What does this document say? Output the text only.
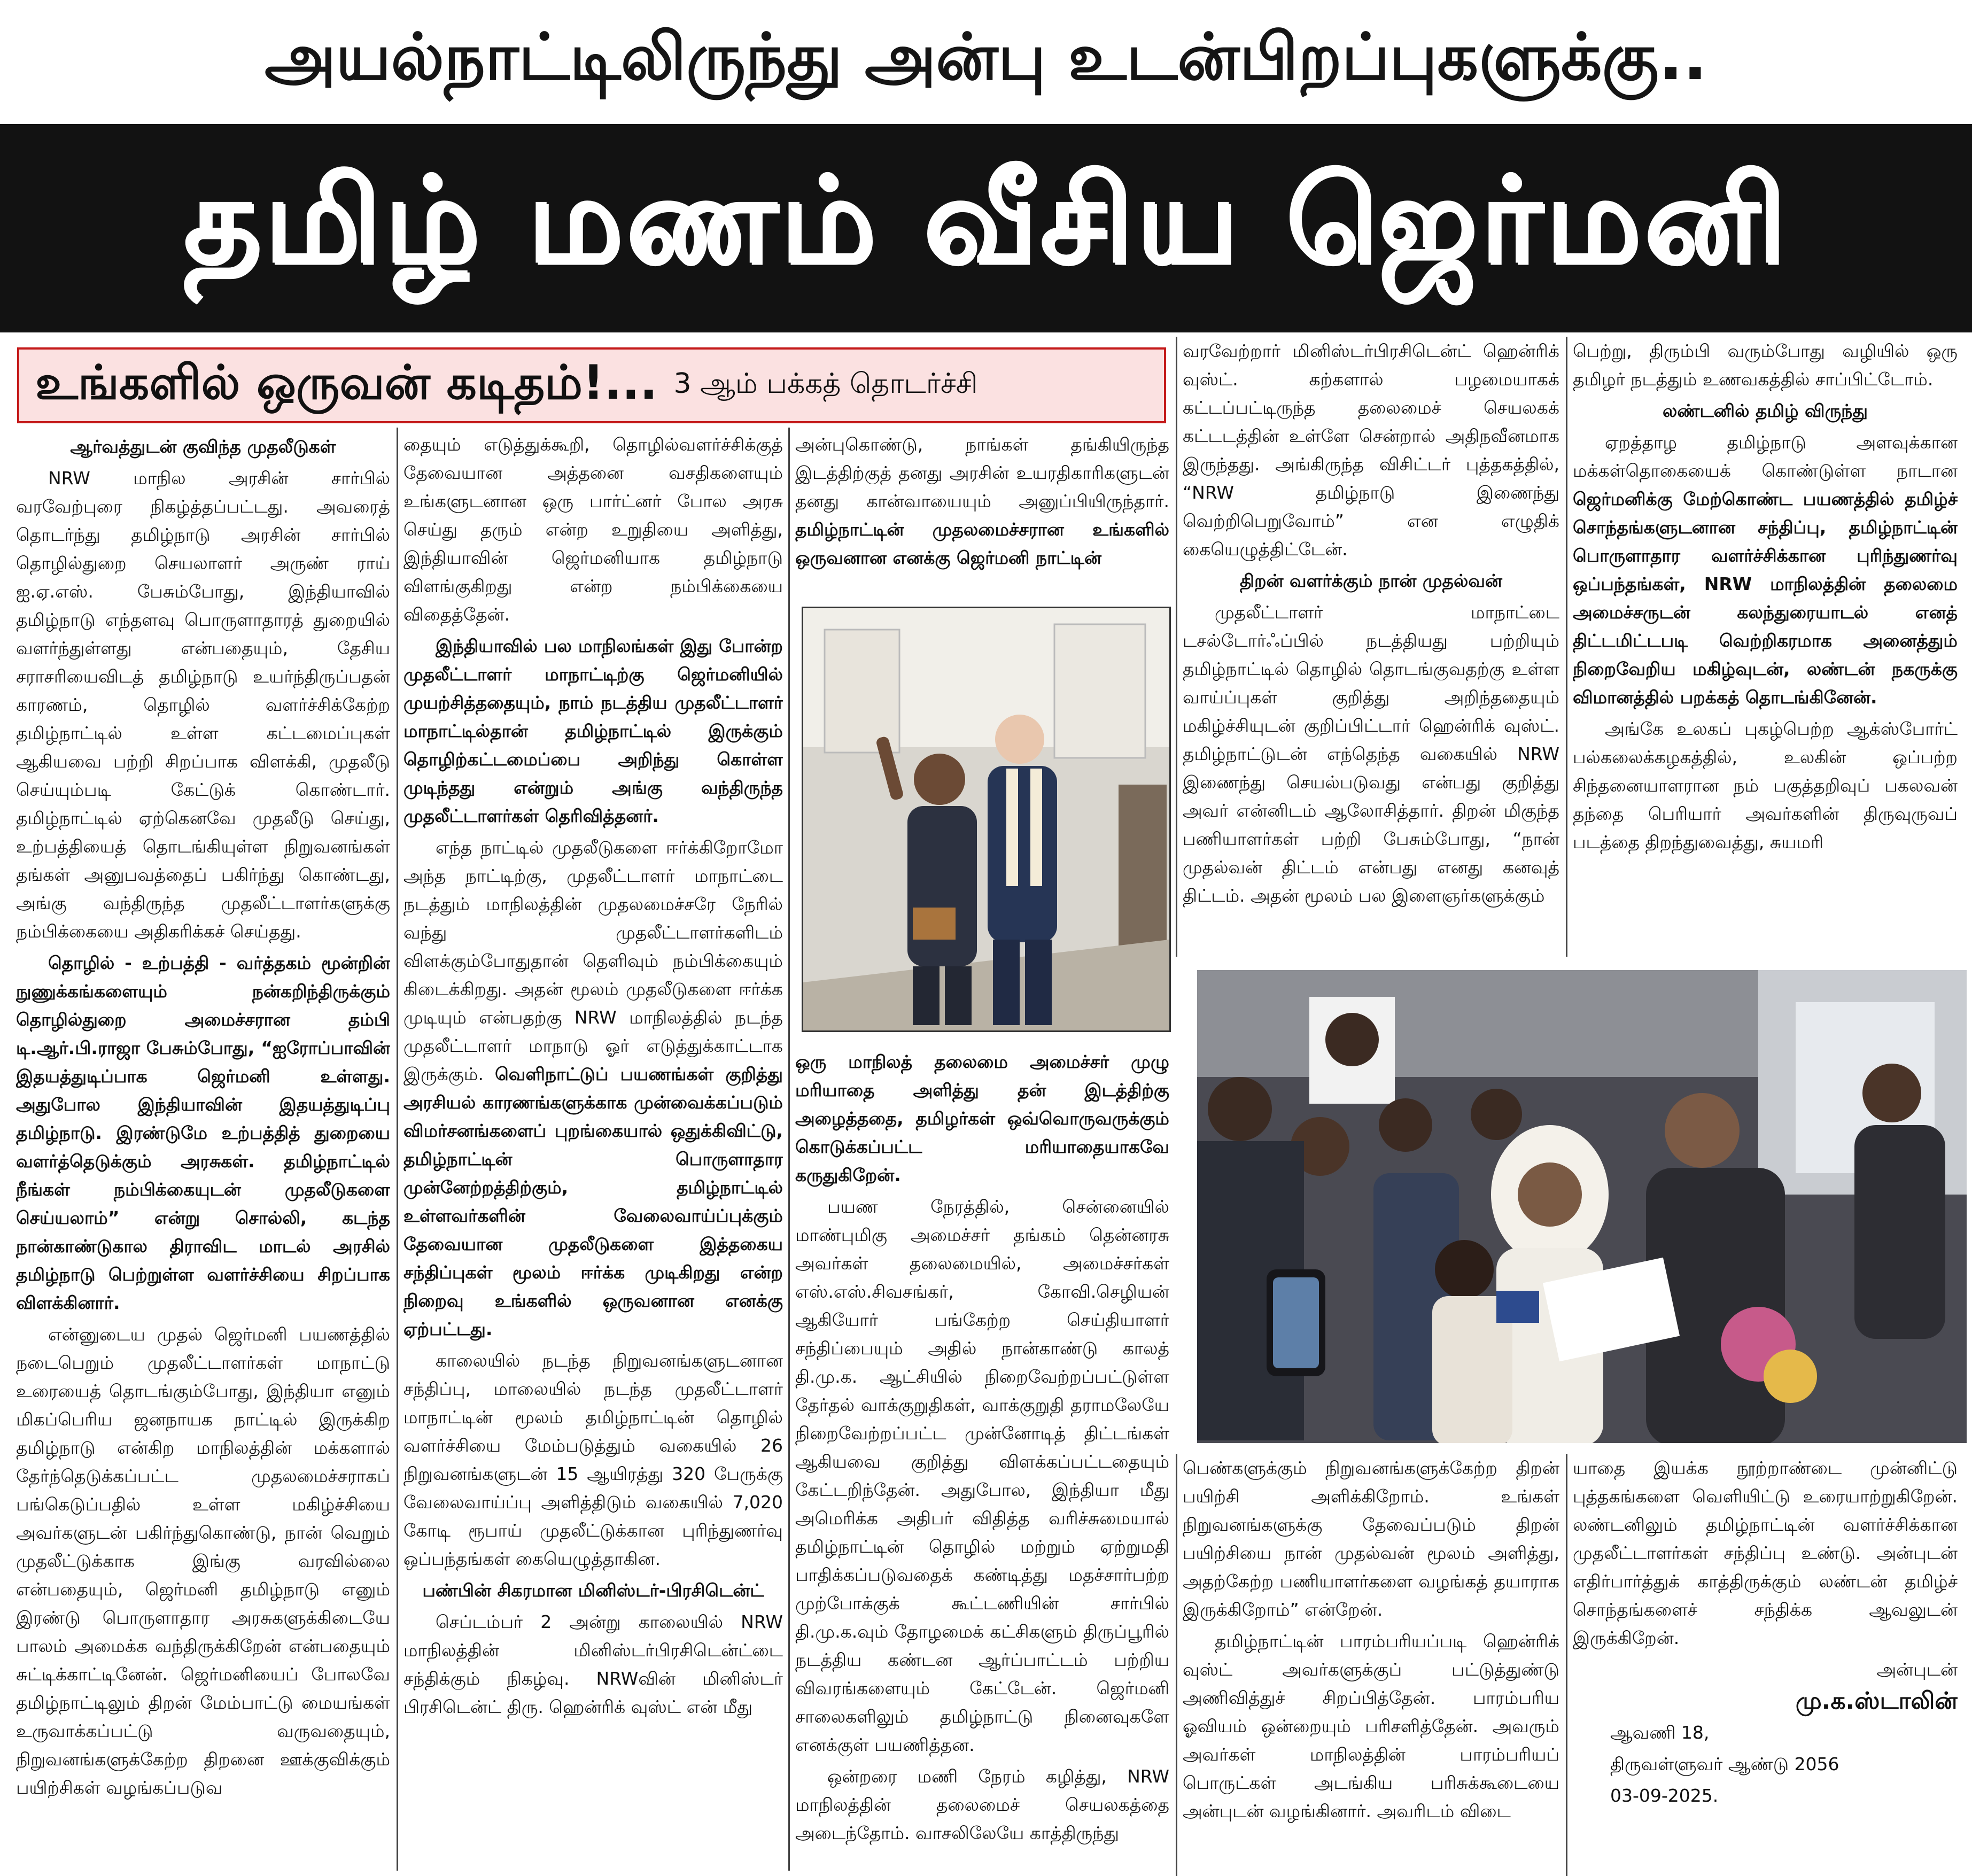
அயல்நாட்டிலிருந்து அன்பு உடன்பிறப்புகளுக்கு..
தமிழ் மணம் வீசிய ஜெர்மனி
உங்களில் ஒருவன் கடிதம்!... 3 ஆம் பக்கத் தொடர்ச்சி

ஆர்வத்துடன் குவிந்த முதலீடுகள்

NRW மாநில அரசின் சார்பில் வரவேற்புரை நிகழ்த்தப்பட்டது. அவரைத் தொடர்ந்து தமிழ்நாடு அரசின் சார்பில் தொழில்துறை செயலாளர் அருண் ராய் ஐ.ஏ.எஸ். பேசும்போது, இந்தியாவில் தமிழ்நாடு எந்தளவு பொருளாதாரத் துறையில் வளர்ந்துள்ளது என்பதையும், தேசிய சராசரியைவிடத் தமிழ்நாடு உயர்ந்திருப்பதன் காரணம், தொழில் வளர்ச்சிக்கேற்ற தமிழ்நாட்டில் உள்ள கட்டமைப்புகள் ஆகியவை பற்றி சிறப்பாக விளக்கி, முதலீடு செய்யும்படி கேட்டுக் கொண்டார். தமிழ்நாட்டில் ஏற்கெனவே முதலீடு செய்து, உற்பத்தியைத் தொடங்கியுள்ள நிறுவனங்கள் தங்கள் அனுபவத்தைப் பகிர்ந்து கொண்டது, அங்கு வந்திருந்த முதலீட்டாளர்களுக்கு நம்பிக்கையை அதிகரிக்கச் செய்தது.

தொழில் - உற்பத்தி - வர்த்தகம் மூன்றின் நுணுக்கங்களையும் நன்கறிந்திருக்கும் தொழில்துறை அமைச்சரான தம்பி டி.ஆர்.பி.ராஜா பேசும்போது, “ஐரோப்பாவின் இதயத்துடிப்பாக ஜெர்மனி உள்ளது. அதுபோல இந்தியாவின் இதயத்துடிப்பு தமிழ்நாடு. இரண்டுமே உற்பத்தித் துறையை வளர்த்தெடுக்கும் அரசுகள். தமிழ்நாட்டில் நீங்கள் நம்பிக்கையுடன் முதலீடுகளை செய்யலாம்” என்று சொல்லி, கடந்த நான்காண்டுகால திராவிட மாடல் அரசில் தமிழ்நாடு பெற்றுள்ள வளர்ச்சியை சிறப்பாக விளக்கினார்.

என்னுடைய முதல் ஜெர்மனி பயணத்தில் நடைபெறும் முதலீட்டாளர்கள் மாநாட்டு உரையைத் தொடங்கும்போது, இந்தியா எனும் மிகப்பெரிய ஜனநாயக நாட்டில் இருக்கிற தமிழ்நாடு என்கிற மாநிலத்தின் மக்களால் தேர்ந்தெடுக்கப்பட்ட முதலமைச்சராகப் பங்கெடுப்பதில் உள்ள மகிழ்ச்சியை அவர்களுடன் பகிர்ந்துகொண்டு, நான் வெறும் முதலீட்டுக்காக இங்கு வரவில்லை என்பதையும், ஜெர்மனி தமிழ்நாடு எனும் இரண்டு பொருளாதார அரசுகளுக்கிடையே பாலம் அமைக்க வந்திருக்கிறேன் என்பதையும் சுட்டிக்காட்டினேன். ஜெர்மனியைப் போலவே தமிழ்நாட்டிலும் திறன் மேம்பாட்டு மையங்கள் உருவாக்கப்பட்டு வருவதையும், நிறுவனங்களுக்கேற்ற திறனை ஊக்குவிக்கும் பயிற்சிகள் வழங்கப்படுவ

தையும் எடுத்துக்கூறி, தொழில்வளர்ச்சிக்குத் தேவையான அத்தனை வசதிகளையும் உங்களுடனான ஒரு பார்ட்னர் போல அரசு செய்து தரும் என்ற உறுதியை அளித்து, இந்தியாவின் ஜெர்மனியாக தமிழ்நாடு விளங்குகிறது என்ற நம்பிக்கையை விதைத்தேன்.

இந்தியாவில் பல மாநிலங்கள் இது போன்ற முதலீட்டாளர் மாநாட்டிற்கு ஜெர்மனியில் முயற்சித்ததையும், நாம் நடத்திய முதலீட்டாளர் மாநாட்டில்தான் தமிழ்நாட்டில் இருக்கும் தொழிற்கட்டமைப்பை அறிந்து கொள்ள முடிந்தது என்றும் அங்கு வந்திருந்த முதலீட்டாளர்கள் தெரிவித்தனர்.

எந்த நாட்டில் முதலீடுகளை ஈர்க்கிறோமோ அந்த நாட்டிற்கு, முதலீட்டாளர் மாநாட்டை நடத்தும் மாநிலத்தின் முதலமைச்சரே நேரில் வந்து முதலீட்டாளர்களிடம் விளக்கும்போதுதான் தெளிவும் நம்பிக்கையும் கிடைக்கிறது. அதன் மூலம் முதலீடுகளை ஈர்க்க முடியும் என்பதற்கு NRW மாநிலத்தில் நடந்த முதலீட்டாளர் மாநாடு ஓர் எடுத்துக்காட்டாக இருக்கும். வெளிநாட்டுப் பயணங்கள் குறித்து அரசியல் காரணங்களுக்காக முன்வைக்கப்படும் விமர்சனங்களைப் புறங்கையால் ஒதுக்கிவிட்டு, தமிழ்நாட்டின் பொருளாதார முன்னேற்றத்திற்கும், தமிழ்நாட்டில் உள்ளவர்களின் வேலைவாய்ப்புக்கும் தேவையான முதலீடுகளை இத்தகைய சந்திப்புகள் மூலம் ஈர்க்க முடிகிறது என்ற நிறைவு உங்களில் ஒருவனான எனக்கு ஏற்பட்டது.

காலையில் நடந்த நிறுவனங்களுடனான சந்திப்பு, மாலையில் நடந்த முதலீட்டாளர் மாநாட்டின் மூலம் தமிழ்நாட்டின் தொழில் வளர்ச்சியை மேம்படுத்தும் வகையில் 26 நிறுவனங்களுடன் 15 ஆயிரத்து 320 பேருக்கு வேலைவாய்ப்பு அளித்திடும் வகையில் 7,020 கோடி ரூபாய் முதலீட்டுக்கான புரிந்துணர்வு ஒப்பந்தங்கள் கையெழுத்தாகின.

பண்பின் சிகரமான மினிஸ்டர்-பிரசிடென்ட்

செப்டம்பர் 2 அன்று காலையில் NRW மாநிலத்தின் மினிஸ்டர்பிரசிடென்ட்டை சந்திக்கும் நிகழ்வு. NRWவின் மினிஸ்டர் பிரசிடென்ட் திரு. ஹென்ரிக் வுஸ்ட் என் மீது

அன்புகொண்டு, நாங்கள் தங்கியிருந்த இடத்திற்குத் தனது அரசின் உயரதிகாரிகளுடன் தனது கான்வாயையும் அனுப்பியிருந்தார். தமிழ்நாட்டின் முதலமைச்சரான உங்களில் ஒருவனான எனக்கு ஜெர்மனி நாட்டின்

ஒரு மாநிலத் தலைமை அமைச்சர் முழு மரியாதை அளித்து தன் இடத்திற்கு அழைத்ததை, தமிழர்கள் ஒவ்வொருவருக்கும் கொடுக்கப்பட்ட மரியாதையாகவே கருதுகிறேன்.

பயண நேரத்தில், சென்னையில் மாண்புமிகு அமைச்சர் தங்கம் தென்னரசு அவர்கள் தலைமையில், அமைச்சர்கள் எஸ்.எஸ்.சிவசங்கர், கோவி.செழியன் ஆகியோர் பங்கேற்ற செய்தியாளர் சந்திப்பையும் அதில் நான்காண்டு காலத் தி.மு.க. ஆட்சியில் நிறைவேற்றப்பட்டுள்ள தேர்தல் வாக்குறுதிகள், வாக்குறுதி தராமலேயே நிறைவேற்றப்பட்ட முன்னோடித் திட்டங்கள் ஆகியவை குறித்து விளக்கப்பட்டதையும் கேட்டறிந்தேன். அதுபோல, இந்தியா மீது அமெரிக்க அதிபர் விதித்த வரிச்சுமையால் தமிழ்நாட்டின் தொழில் மற்றும் ஏற்றுமதி பாதிக்கப்படுவதைக் கண்டித்து மதச்சார்பற்ற முற்போக்குக் கூட்டணியின் சார்பில் தி.மு.க.வும் தோழமைக் கட்சிகளும் திருப்பூரில் நடத்திய கண்டன ஆர்ப்பாட்டம் பற்றிய விவரங்களையும் கேட்டேன். ஜெர்மனி சாலைகளிலும் தமிழ்நாட்டு நினைவுகளே எனக்குள் பயணித்தன.

ஒன்றரை மணி நேரம் கழித்து, NRW மாநிலத்தின் தலைமைச் செயலகத்தை அடைந்தோம். வாசலிலேயே காத்திருந்து

வரவேற்றார் மினிஸ்டர்பிரசிடென்ட் ஹென்ரிக் வுஸ்ட். கற்களால் பழமையாகக் கட்டப்பட்டிருந்த தலைமைச் செயலகக் கட்டடத்தின் உள்ளே சென்றால் அதிநவீனமாக இருந்தது. அங்கிருந்த விசிட்டர் புத்தகத்தில், “NRW தமிழ்நாடு இணைந்து வெற்றிபெறுவோம்” என எழுதிக் கையெழுத்திட்டேன்.

திறன் வளர்க்கும் நான் முதல்வன்

முதலீட்டாளர் மாநாட்டை டசல்டோர்ஃப்பில் நடத்தியது பற்றியும் தமிழ்நாட்டில் தொழில் தொடங்குவதற்கு உள்ள வாய்ப்புகள் குறித்து அறிந்ததையும் மகிழ்ச்சியுடன் குறிப்பிட்டார் ஹென்ரிக் வுஸ்ட். தமிழ்நாட்டுடன் எந்தெந்த வகையில் NRW இணைந்து செயல்படுவது என்பது குறித்து அவர் என்னிடம் ஆலோசித்தார். திறன் மிகுந்த பணியாளர்கள் பற்றி பேசும்போது, “நான் முதல்வன் திட்டம் என்பது எனது கனவுத் திட்டம். அதன் மூலம் பல இளைஞர்களுக்கும்

பெற்று, திரும்பி வரும்போது வழியில் ஒரு தமிழர் நடத்தும் உணவகத்தில் சாப்பிட்டோம்.

லண்டனில் தமிழ் விருந்து

ஏறத்தாழ தமிழ்நாடு அளவுக்கான மக்கள்தொகையைக் கொண்டுள்ள நாடான ஜெர்மனிக்கு மேற்கொண்ட பயணத்தில் தமிழ்ச் சொந்தங்களுடனான சந்திப்பு, தமிழ்நாட்டின் பொருளாதார வளர்ச்சிக்கான புரிந்துணர்வு ஒப்பந்தங்கள், NRW மாநிலத்தின் தலைமை அமைச்சருடன் கலந்துரையாடல் எனத் திட்டமிட்டபடி வெற்றிகரமாக அனைத்தும் நிறைவேறிய மகிழ்வுடன், லண்டன் நகருக்கு விமானத்தில் பறக்கத் தொடங்கினேன்.

அங்கே உலகப் புகழ்பெற்ற ஆக்ஸ்போர்ட் பல்கலைக்கழகத்தில், உலகின் ஒப்பற்ற சிந்தனையாளரான நம் பகுத்தறிவுப் பகலவன் தந்தை பெரியார் அவர்களின் திருவுருவப் படத்தை திறந்துவைத்து, சுயமரி

பெண்களுக்கும் நிறுவனங்களுக்கேற்ற திறன் பயிற்சி அளிக்கிறோம். உங்கள் நிறுவனங்களுக்கு தேவைப்படும் திறன் பயிற்சியை நான் முதல்வன் மூலம் அளித்து, அதற்கேற்ற பணியாளர்களை வழங்கத் தயாராக இருக்கிறோம்” என்றேன்.

தமிழ்நாட்டின் பாரம்பரியப்படி ஹென்ரிக் வுஸ்ட் அவர்களுக்குப் பட்டுத்துண்டு அணிவித்துச் சிறப்பித்தேன். பாரம்பரிய ஓவியம் ஒன்றையும் பரிசளித்தேன். அவரும் அவர்கள் மாநிலத்தின் பாரம்பரியப் பொருட்கள் அடங்கிய பரிசுக்கூடையை அன்புடன் வழங்கினார். அவரிடம் விடை

யாதை இயக்க நூற்றாண்டை முன்னிட்டு புத்தகங்களை வெளியிட்டு உரையாற்றுகிறேன். லண்டனிலும் தமிழ்நாட்டின் வளர்ச்சிக்கான முதலீட்டாளர்கள் சந்திப்பு உண்டு. அன்புடன் எதிர்பார்த்துக் காத்திருக்கும் லண்டன் தமிழ்ச் சொந்தங்களைச் சந்திக்க ஆவலுடன் இருக்கிறேன்.

அன்புடன்

மு.க.ஸ்டாலின்

ஆவணி 18,

திருவள்ளுவர் ஆண்டு 2056

03-09-2025.
